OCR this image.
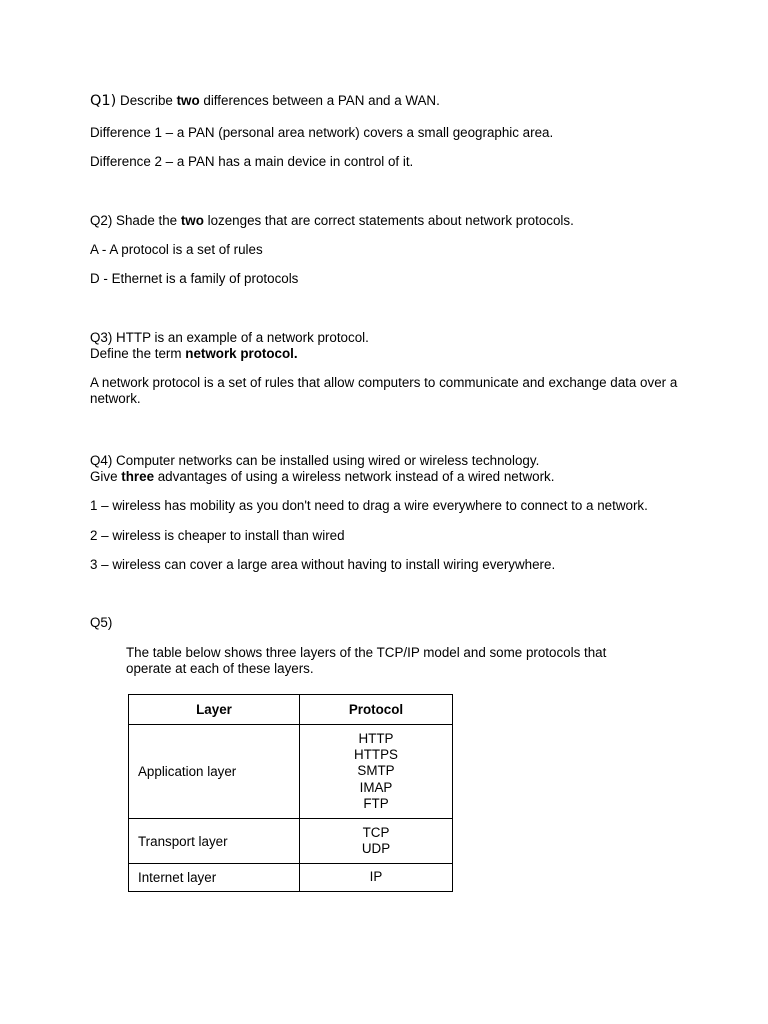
Q1) Describe two differences between a PAN and a WAN.
Difference 1 – a PAN (personal area network) covers a small geographic area.
Difference 2 – a PAN has a main device in control of it.
Q2) Shade the two lozenges that are correct statements about network protocols.
A - A protocol is a set of rules
D - Ethernet is a family of protocols
Q3) HTTP is an example of a network protocol.
Define the term network protocol.
A network protocol is a set of rules that allow computers to communicate and exchange data over a network.
Q4) Computer networks can be installed using wired or wireless technology.
Give three advantages of using a wireless network instead of a wired network.
1 – wireless has mobility as you don't need to drag a wire everywhere to connect to a network.
2 – wireless is cheaper to install than wired
3 – wireless can cover a large area without having to install wiring everywhere.
Q5)
The table below shows three layers of the TCP/IP model and some protocols that
operate at each of these layers.
Layer	Protocol
Application layer	HTTP
HTTPS
SMTP
IMAP
FTP

Transport layer	TCP
UDP

Internet layer	IP
